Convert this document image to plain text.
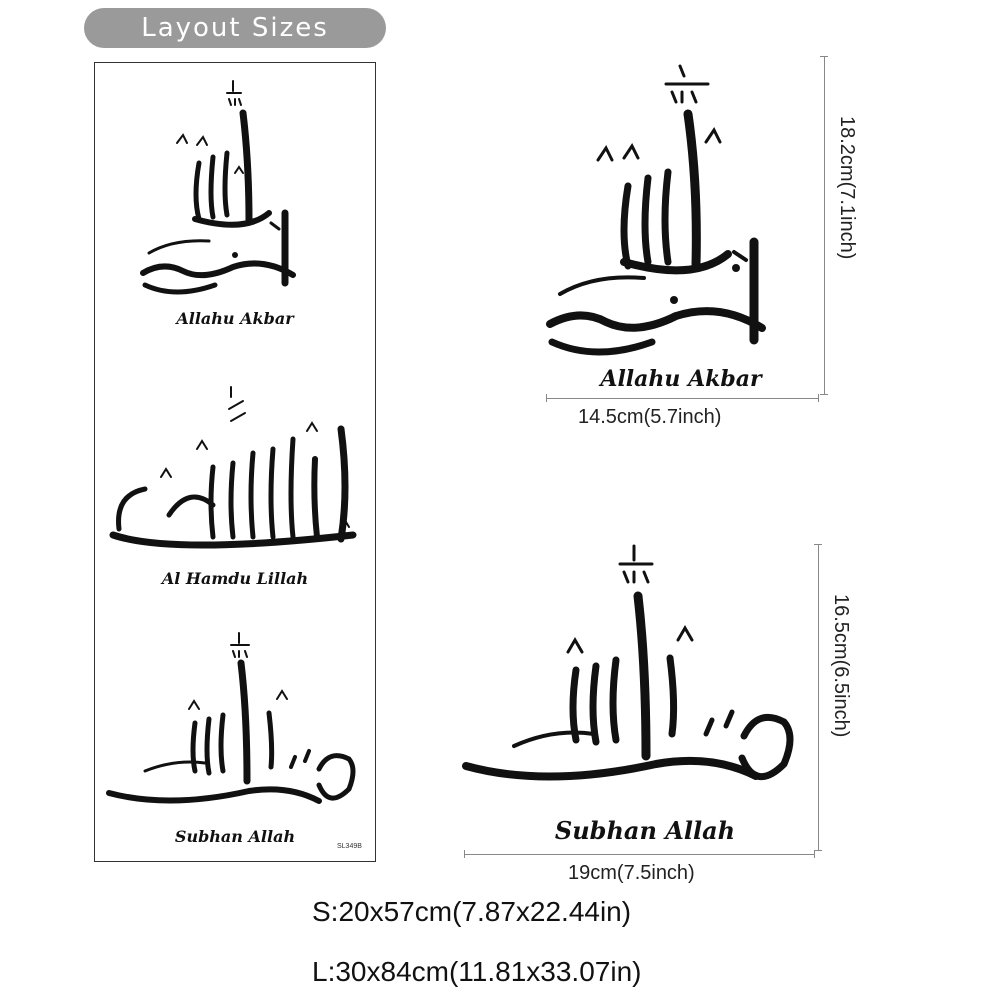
Layout Sizes
Allahu Akbar
Al Hamdu Lillah
Subhan Allah
SL349B
Allahu Akbar
14.5cm(5.7inch)
18.2cm(7.1inch)
Subhan Allah
19cm(7.5inch)
16.5cm(6.5inch)
S:20x57cm(7.87x22.44in)
L:30x84cm(11.81x33.07in)
